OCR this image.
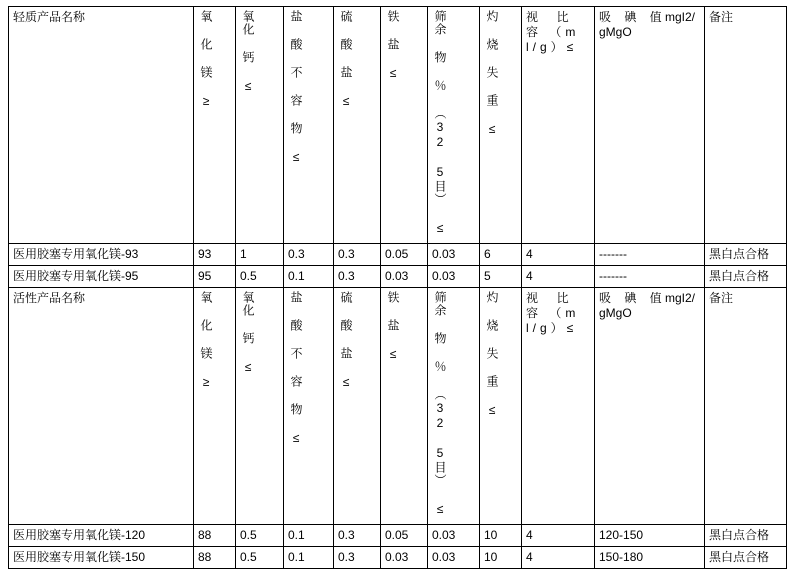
轻质产品名称	氧 化 镁 ≥	氧化 钙 ≤	盐 酸 不 容 物 ≤	硫 酸 盐 ≤	铁 盐 ≤	筛余 物 ％ （32 5目） ≤	灼 烧 失 重 ≤	视  比  容 （ml/g）≤	吸    碘    值 mgI2/gMgO	备注

医用胶塞专用氧化镁-93	93	1	0.3	0.3	0.05	0.03	6	4	-------	黑白点合格
医用胶塞专用氧化镁-95	95	0.5	0.1	0.3	0.03	0.03	5	4	-------	黑白点合格

活性产品名称	氧 化 镁 ≥	氧化 钙 ≤	盐 酸 不 容 物 ≤	硫 酸 盐 ≤	铁 盐 ≤	筛余 物 ％ （32 5目） ≤	灼 烧 失 重 ≤	视  比  容 （ml/g）≤	吸    碘    值 mgI2/gMgO	备注

医用胶塞专用氧化镁-120	88	0.5	0.1	0.3	0.05	0.03	10	4	120-150	黑白点合格
医用胶塞专用氧化镁-150	88	0.5	0.1	0.3	0.03	0.03	10	4	150-180	黑白点合格
